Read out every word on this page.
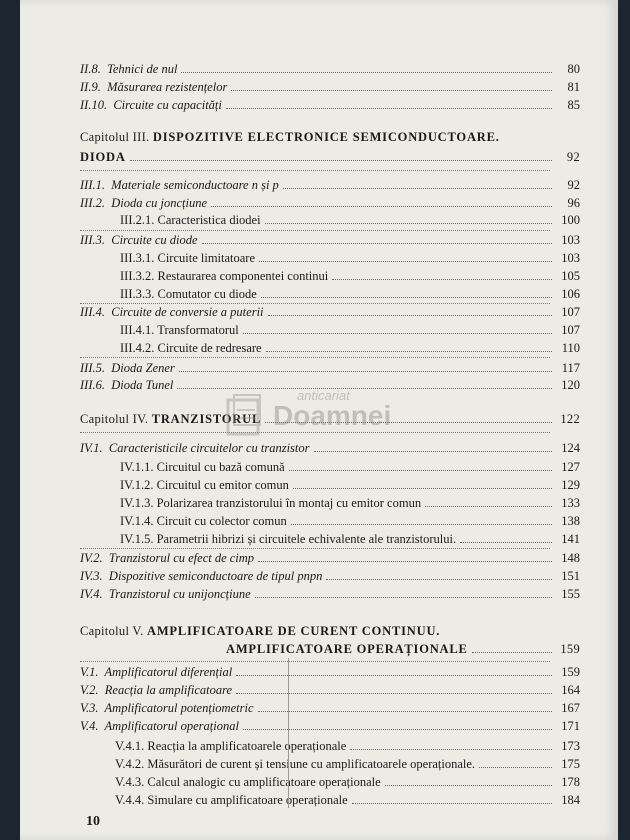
II.8.  Tehnici de nul	80
II.9.  Măsurarea rezistențelor	81
II.10.  Circuite cu capacități	85
Capitolul III. DISPOZITIVE ELECTRONICE SEMICONDUCTOARE.
DIODA	92
III.1.  Materiale semiconductoare n și p	92
III.2.  Dioda cu joncțiune	96
III.2.1. Caracteristica diodei	100
III.3.  Circuite cu diode	103
III.3.1. Circuite limitatoare	103
III.3.2. Restaurarea componentei continui	105
III.3.3. Comutator cu diode	106
III.4.  Circuite de conversie a puterii	107
III.4.1. Transformatorul	107
III.4.2. Circuite de redresare	110
III.5.  Dioda Zener	117
III.6.  Dioda Tunel	120
Capitolul IV. TRANZISTORUL	122
IV.1.  Caracteristicile circuitelor cu tranzistor	124
IV.1.1. Circuitul cu bază comună	127
IV.1.2. Circuitul cu emitor comun	129
IV.1.3. Polarizarea tranzistorului în montaj cu emitor comun	133
IV.1.4. Circuit cu colector comun	138
IV.1.5. Parametrii hibrizi și circuitele echivalente ale tranzistorului.	141
IV.2.  Tranzistorul cu efect de cimp	148
IV.3.  Dispozitive semiconductoare de tipul pnpn	151
IV.4.  Tranzistorul cu unijoncțiune	155
Capitolul V. AMPLIFICATOARE DE CURENT CONTINUU.
AMPLIFICATOARE OPERAȚIONALE	159
V.1.  Amplificatorul diferențial	159
V.2.  Reacția la amplificatoare	164
V.3.  Amplificatorul potențiometric	167
V.4.  Amplificatorul operațional	171
V.4.1. Reacția la amplificatoarele operaționale	173
V.4.2. Măsurători de curent și tensiune cu amplificatoarele operaționale.	175
V.4.3. Calcul analogic cu amplificatoare operaționale	178
V.4.4. Simulare cu amplificatoare operaționale	184
anticariat
Doamnei
10
